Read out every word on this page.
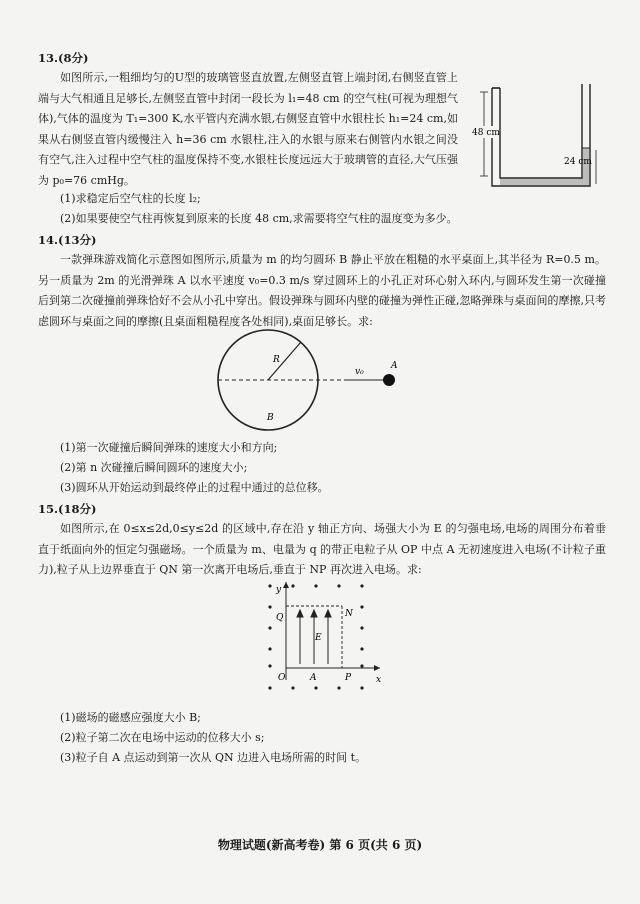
13.(8分)
如图所示,一粗细均匀的U型的玻璃管竖直放置,左侧竖直管上端封闭,右侧竖直管上端与大气相通且足够长,左侧竖直管中封闭一段长为 l₁=48 cm 的空气柱(可视为理想气体),气体的温度为 T₁=300 K,水平管内充满水银,右侧竖直管中水银柱长 h₁=24 cm,如果从右侧竖直管内缓慢注入 h=36 cm 水银柱,注入的水银与原来右侧管内水银之间没有空气,注入过程中空气柱的温度保持不变,水银柱长度远远大于玻璃管的直径,大气压强为 p₀=76 cmHg。
(1)求稳定后空气柱的长度 l₂;
(2)如果要使空气柱再恢复到原来的长度 48 cm,求需要将空气柱的温度变为多少。
48 cm
24 cm
14.(13分)
一款弹珠游戏简化示意图如图所示,质量为 m 的均匀圆环 B 静止平放在粗糙的水平桌面上,其半径为 R=0.5 m。另一质量为 2m 的光滑弹珠 A 以水平速度 v₀=0.3 m/s 穿过圆环上的小孔正对环心射入环内,与圆环发生第一次碰撞后到第二次碰撞前弹珠恰好不会从小孔中穿出。假设弹珠与圆环内壁的碰撞为弹性正碰,忽略弹珠与桌面间的摩擦,只考虑圆环与桌面之间的摩擦(且桌面粗糙程度各处相同),桌面足够长。求:
R
B
v₀
A
(1)第一次碰撞后瞬间弹珠的速度大小和方向;
(2)第 n 次碰撞后瞬间圆环的速度大小;
(3)圆环从开始运动到最终停止的过程中通过的总位移。
15.(18分)
如图所示,在 0≤x≤2d,0≤y≤2d 的区域中,存在沿 y 轴正方向、场强大小为 E 的匀强电场,电场的周围分布着垂直于纸面向外的恒定匀强磁场。一个质量为 m、电量为 q 的带正电粒子从 OP 中点 A 无初速度进入电场(不计粒子重力),粒子从上边界垂直于 QN 第一次离开电场后,垂直于 NP 再次进入电场。求:
y
x
E
Q	N
O	A	P
(1)磁场的磁感应强度大小 B;
(2)粒子第二次在电场中运动的位移大小 s;
(3)粒子自 A 点运动到第一次从 QN 边进入电场所需的时间 t。
物理试题(新高考卷) 第 6 页(共 6 页)
